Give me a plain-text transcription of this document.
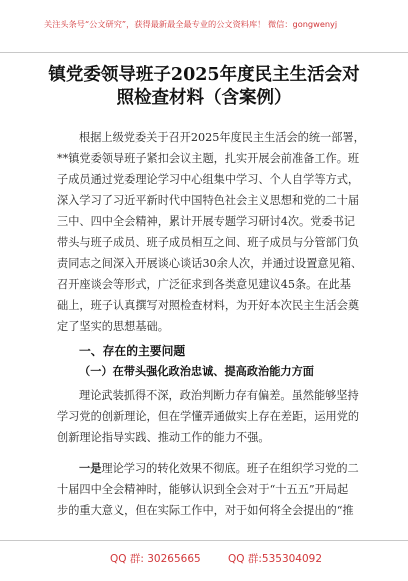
关注头条号“公文研究”，获得最新最全最专业的公文资料库！ 微信：gongwenyj
镇党委领导班子2025年度民主生活会对
照检查材料（含案例）
根据上级党委关于召开2025年度民主生活会的统一部署，
**镇党委领导班子紧扣会议主题，扎实开展会前准备工作。班
子成员通过党委理论学习中心组集中学习、个人自学等方式，
深入学习了习近平新时代中国特色社会主义思想和党的二十届
三中、四中全会精神，累计开展专题学习研讨4次。党委书记
带头与班子成员、班子成员相互之间、班子成员与分管部门负
责同志之间深入开展谈心谈话30余人次，并通过设置意见箱、
召开座谈会等形式，广泛征求到各类意见建议45条。在此基
础上，班子认真撰写对照检查材料，为开好本次民主生活会奠
定了坚实的思想基础。
一、存在的主要问题
（一）在带头强化政治忠诚、提高政治能力方面
理论武装抓得不深，政治判断力存有偏差。虽然能够坚持
学习党的创新理论，但在学懂弄通做实上存在差距，运用党的
创新理论指导实践、推动工作的能力不强。
一是理论学习的转化效果不彻底。班子在组织学习党的二
十届四中全会精神时，能够认识到全会对于“十五五”开局起
步的重大意义，但在实际工作中，对于如何将全会提出的“推
QQ 群: 30265665	QQ 群:535304092
